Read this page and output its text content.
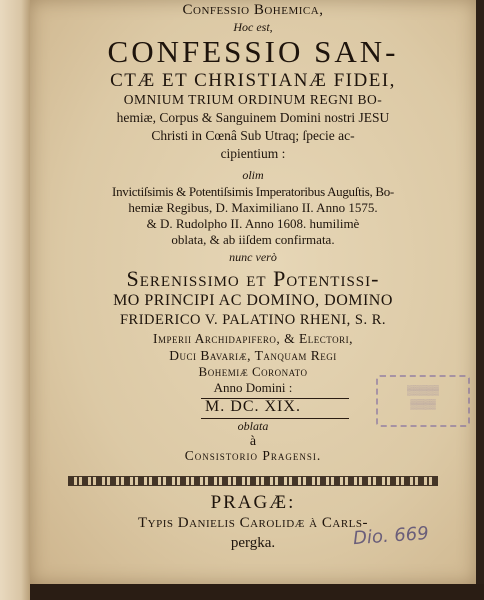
Confessio Bohemica,
Hoc est,
CONFESSIO SAN-
CTÆ ET CHRISTIANÆ FIDEI,
OMNIUM TRIUM ORDINUM REGNI BO-
hemiæ, Corpus & Sanguinem Domini nostri JESU
Christi in Cœnâ Sub Utraq; ſpecie ac-
cipientium :
olim
Invictiſsimis & Potentiſsimis Imperatoribus Auguſtis, Bo-
hemiæ Regibus, D. Maximiliano II. Anno 1575.
& D. Rudolpho II. Anno 1608. humilimè
oblata, & ab iiſdem confirmata.
nunc verò
Serenissimo et Potentissi-
MO PRINCIPI AC DOMINO, DOMINO
FRIDERICO V. PALATINO RHENI, S. R.
Imperii Archidapifero, & Electori,
Duci Bavariæ, Tanquam Regi
Bohemiæ Coronato
Anno Domini :
M. DC. XIX.
oblata
à
Consistorio Pragensi.
PRAGÆ:
Typis Danielis Carolidæ à Carls-
pergka.
▒▒▒▒▒
▒▒▒▒
Dio. 669
